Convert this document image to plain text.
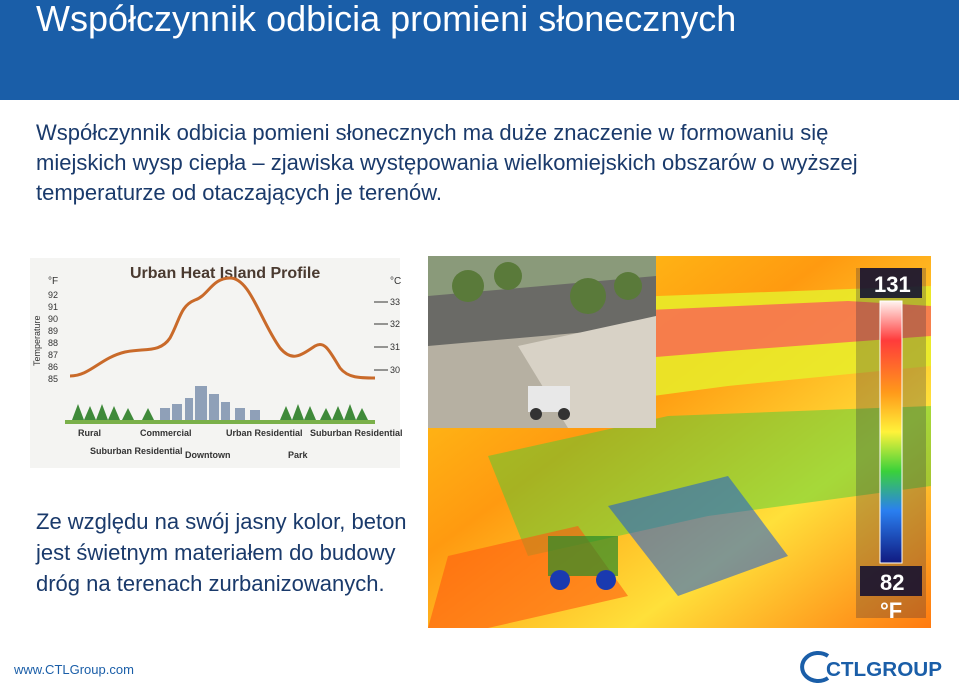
Współczynnik odbicia promieni słonecznych
Współczynnik odbicia pomieni słonecznych ma duże znaczenie w formowaniu się miejskich wysp ciepła – zjawiska występowania wielkomiejskich obszarów o wyższej temperaturze od otaczających je terenów.
Urban Heat Island Profile
°F	°C
Temperature
92
91
90
89
88
87
86
85
33
32
31
30
Rural	Commercial	Urban Residential Suburban Residential
Suburban Residential Downtown	Park
131
82
°F
Ze względu na swój jasny kolor, beton jest świetnym materiałem do budowy dróg na terenach zurbanizowanych.
www.CTLGroup.com	CTLGROUP
